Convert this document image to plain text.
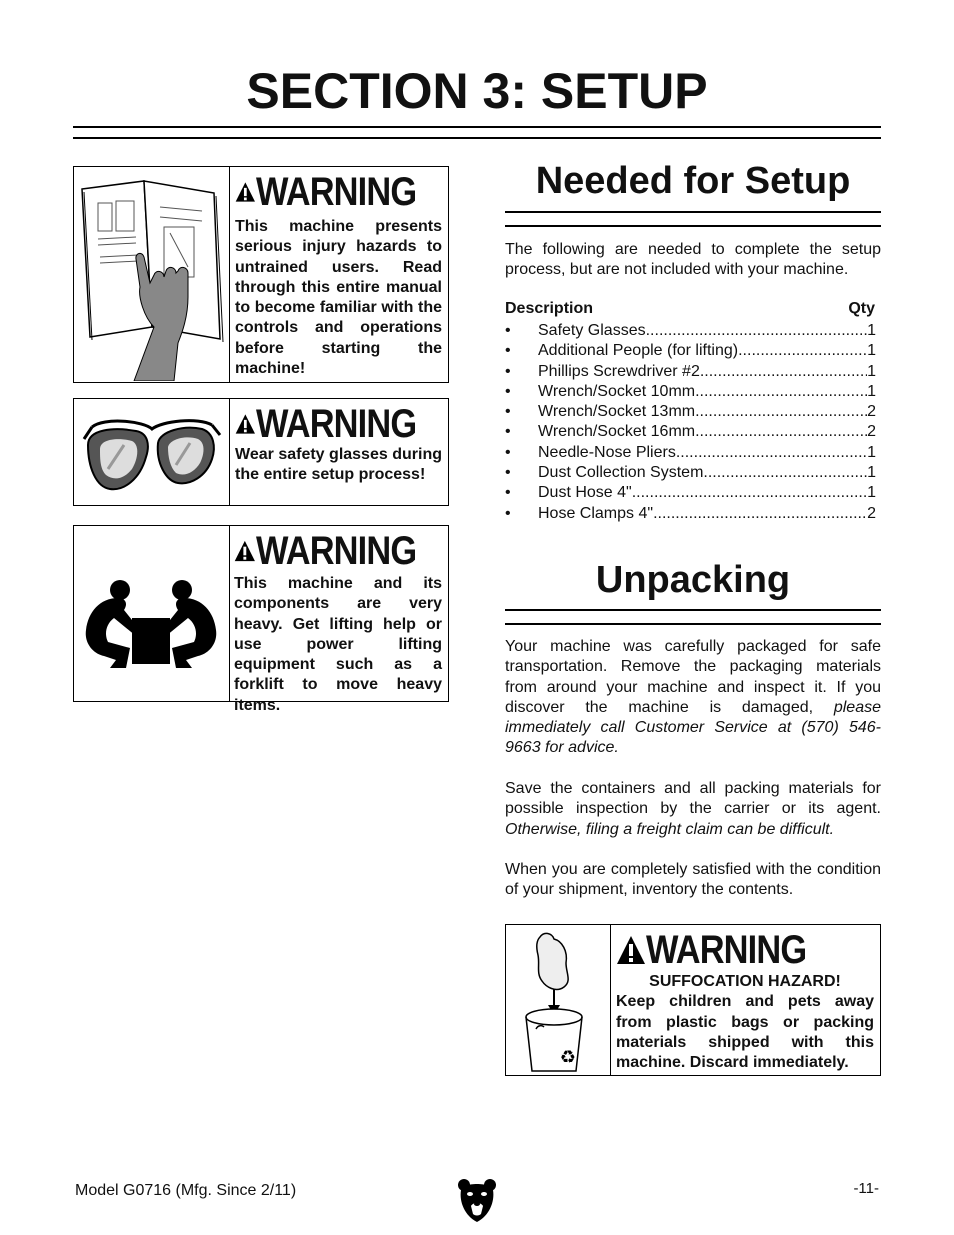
SECTION 3: SETUP
WARNING
This machine presents serious injury hazards to untrained users. Read through this entire manual to become familiar with the controls and operations before starting the machine!
WARNING
Wear safety glasses during the entire setup process!
WARNING
This machine and its components are very heavy. Get lifting help or use power lifting equipment such as a forklift to move heavy items.
Needed for Setup
The following are needed to complete the setup process, but are not included with your machine.
Description	Qty
•	Safety Glasses .....	1
•	Additional People (for lifting) .....	1
•	Phillips Screwdriver #2 .....	1
•	Wrench/Socket 10mm .....	1
•	Wrench/Socket 13mm .....	2
•	Wrench/Socket 16mm .....	2
•	Needle-Nose Pliers .....	1
•	Dust Collection System .....	1
•	Dust Hose 4" .....	1
•	Hose Clamps 4" .....	2
Unpacking
Your machine was carefully packaged for safe transportation. Remove the packaging materials from around your machine and inspect it. If you discover the machine is damaged, please immediately call Customer Service at (570) 546-9663 for advice.
Save the containers and all packing materials for possible inspection by the carrier or its agent. Otherwise, filing a freight claim can be difficult.
When you are completely satisfied with the condition of your shipment, inventory the contents.
♻
WARNING
SUFFOCATION HAZARD!
Keep children and pets away from plastic bags or packing materials shipped with this machine. Discard immediately.
Model G0716 (Mfg. Since 2/11)	-11-
